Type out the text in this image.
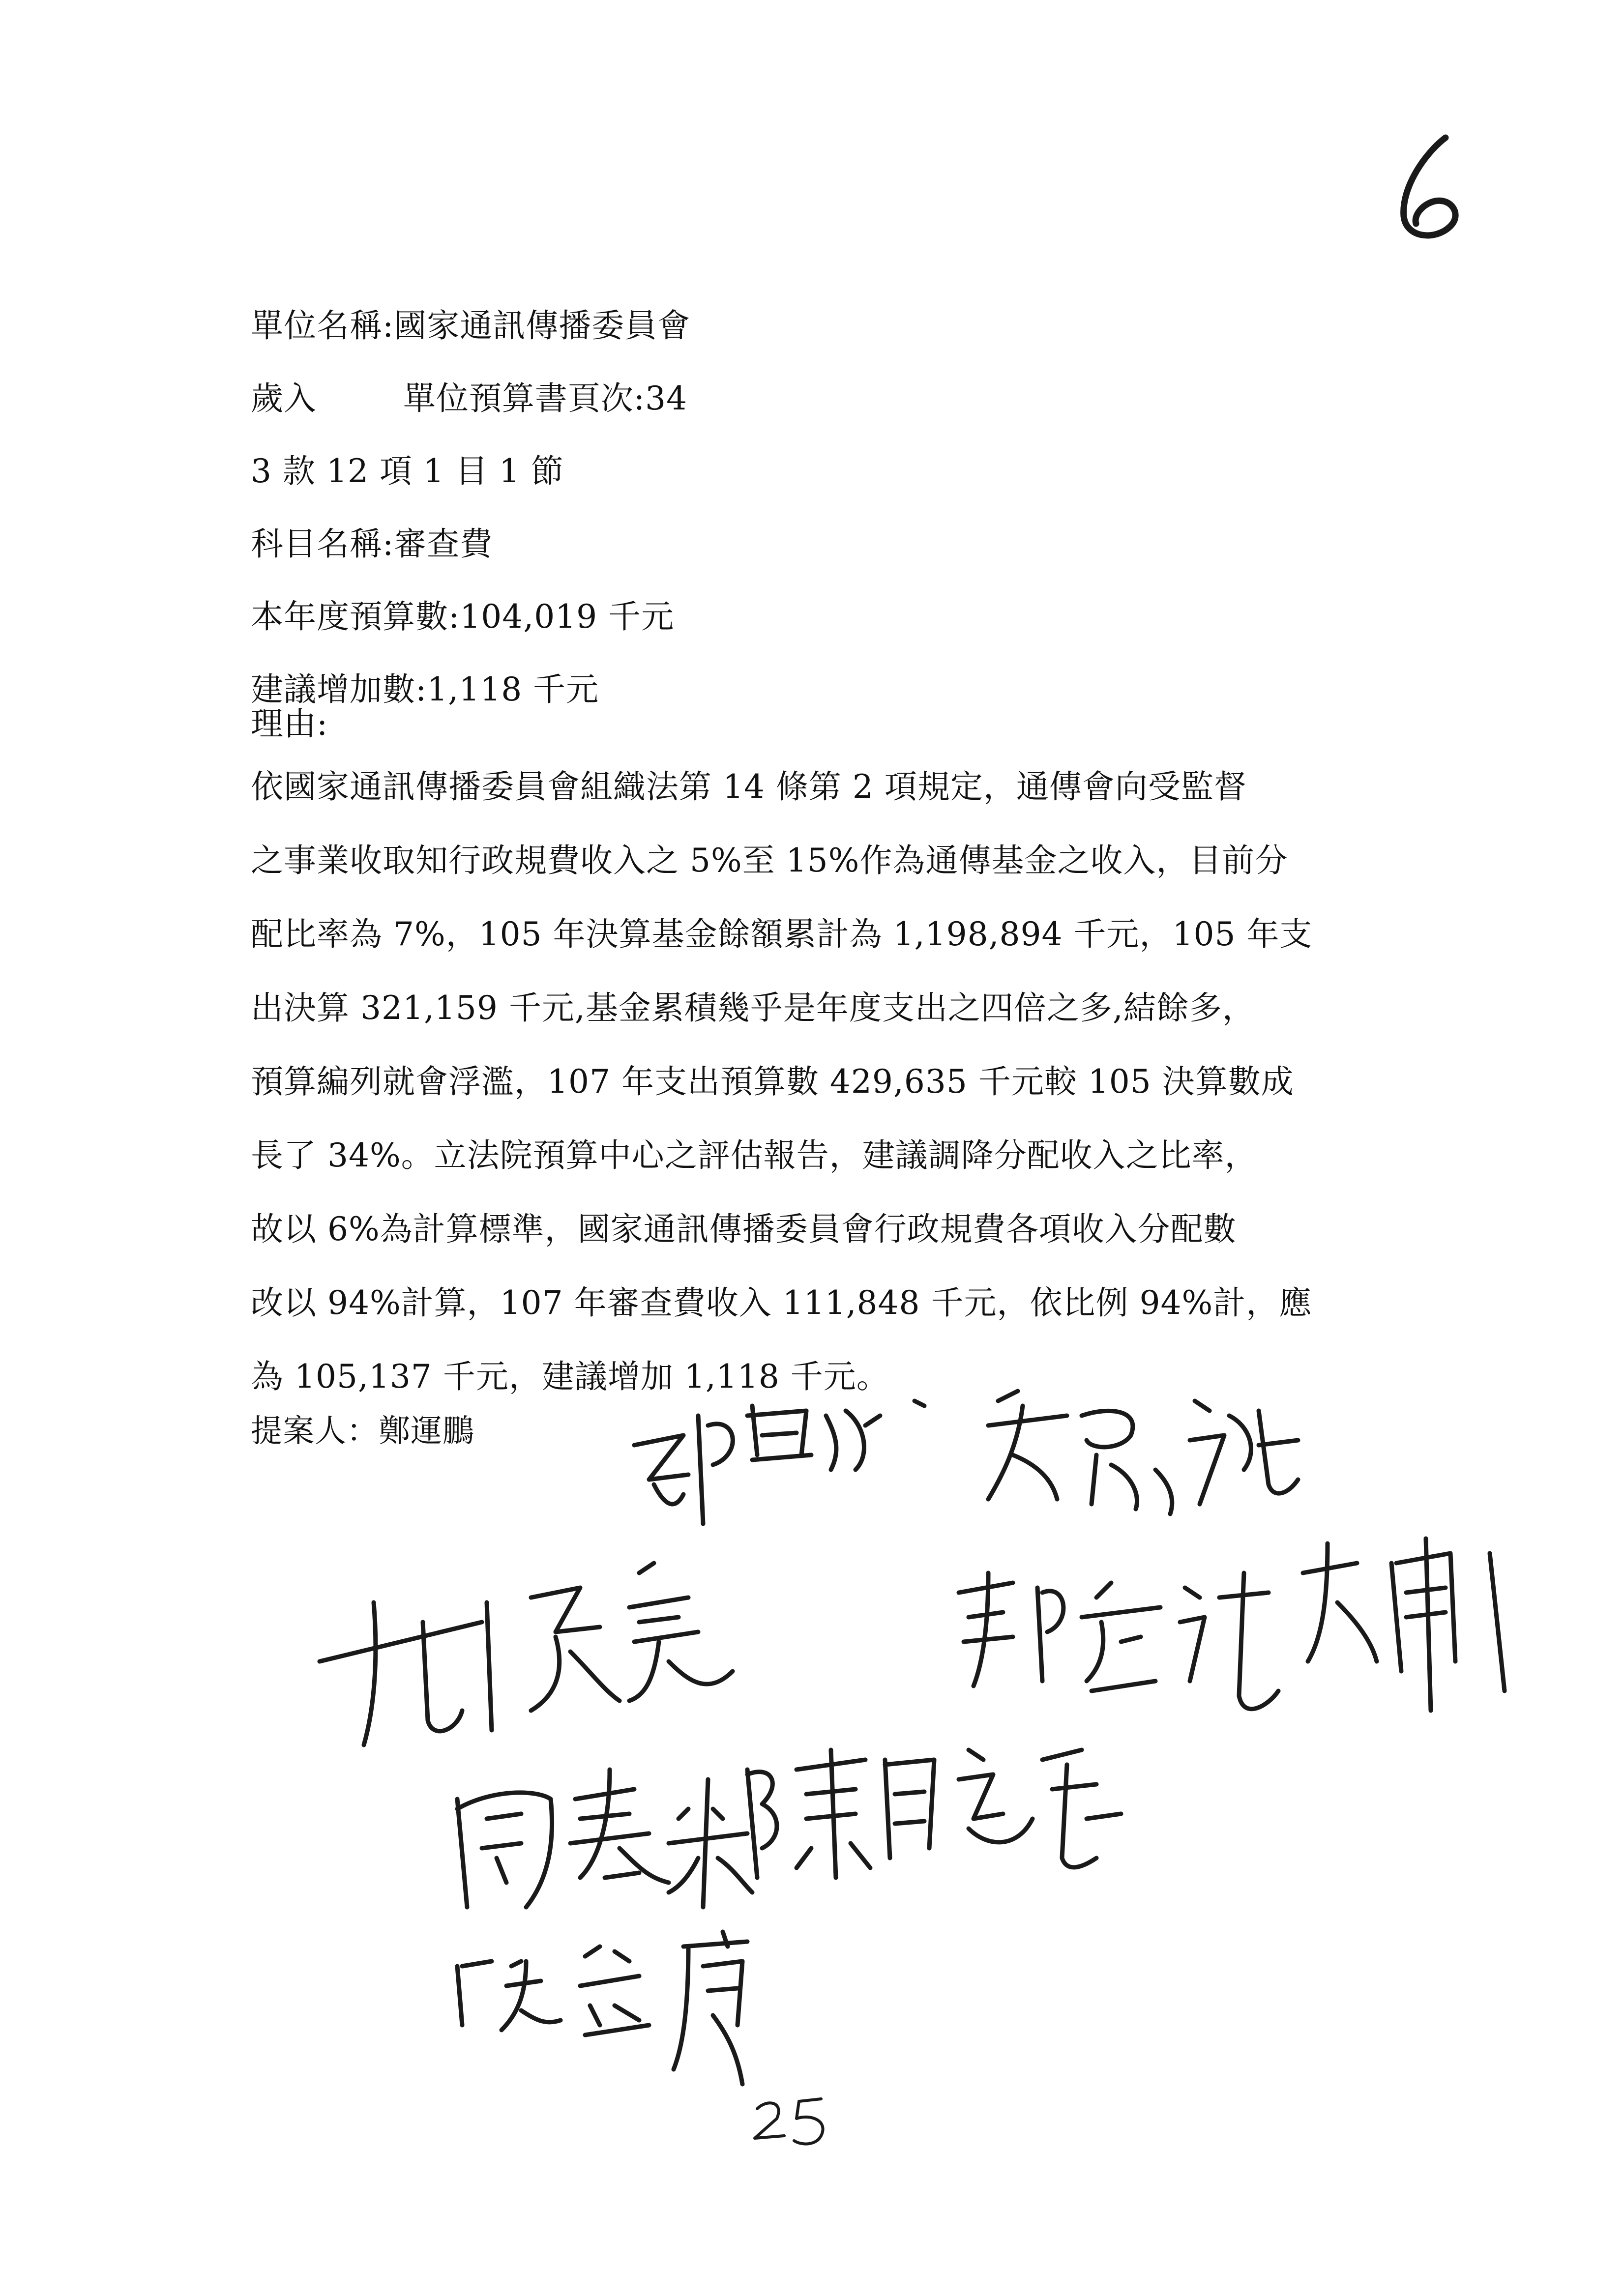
單位名稱:國家通訊傳播委員會
歲入        單位預算書頁次:34
3 款 12 項 1 目 1 節
科目名稱:審查費
本年度預算數:104,019 千元
建議增加數:1,118 千元
理由:
依國家通訊傳播委員會組織法第 14 條第 2 項規定，通傳會向受監督
之事業收取知行政規費收入之 5%至 15%作為通傳基金之收入，目前分
配比率為 7%，105 年決算基金餘額累計為 1,198,894 千元，105 年支
出決算 321,159 千元,基金累積幾乎是年度支出之四倍之多,結餘多，
預算編列就會浮濫，107 年支出預算數 429,635 千元較 105 決算數成
長了 34%。立法院預算中心之評估報告，建議調降分配收入之比率，
故以 6%為計算標準，國家通訊傳播委員會行政規費各項收入分配數
改以 94%計算，107 年審查費收入 111,848 千元，依比例 94%計，應
為 105,137 千元，建議增加 1,118 千元。
提案人：鄭運鵬
